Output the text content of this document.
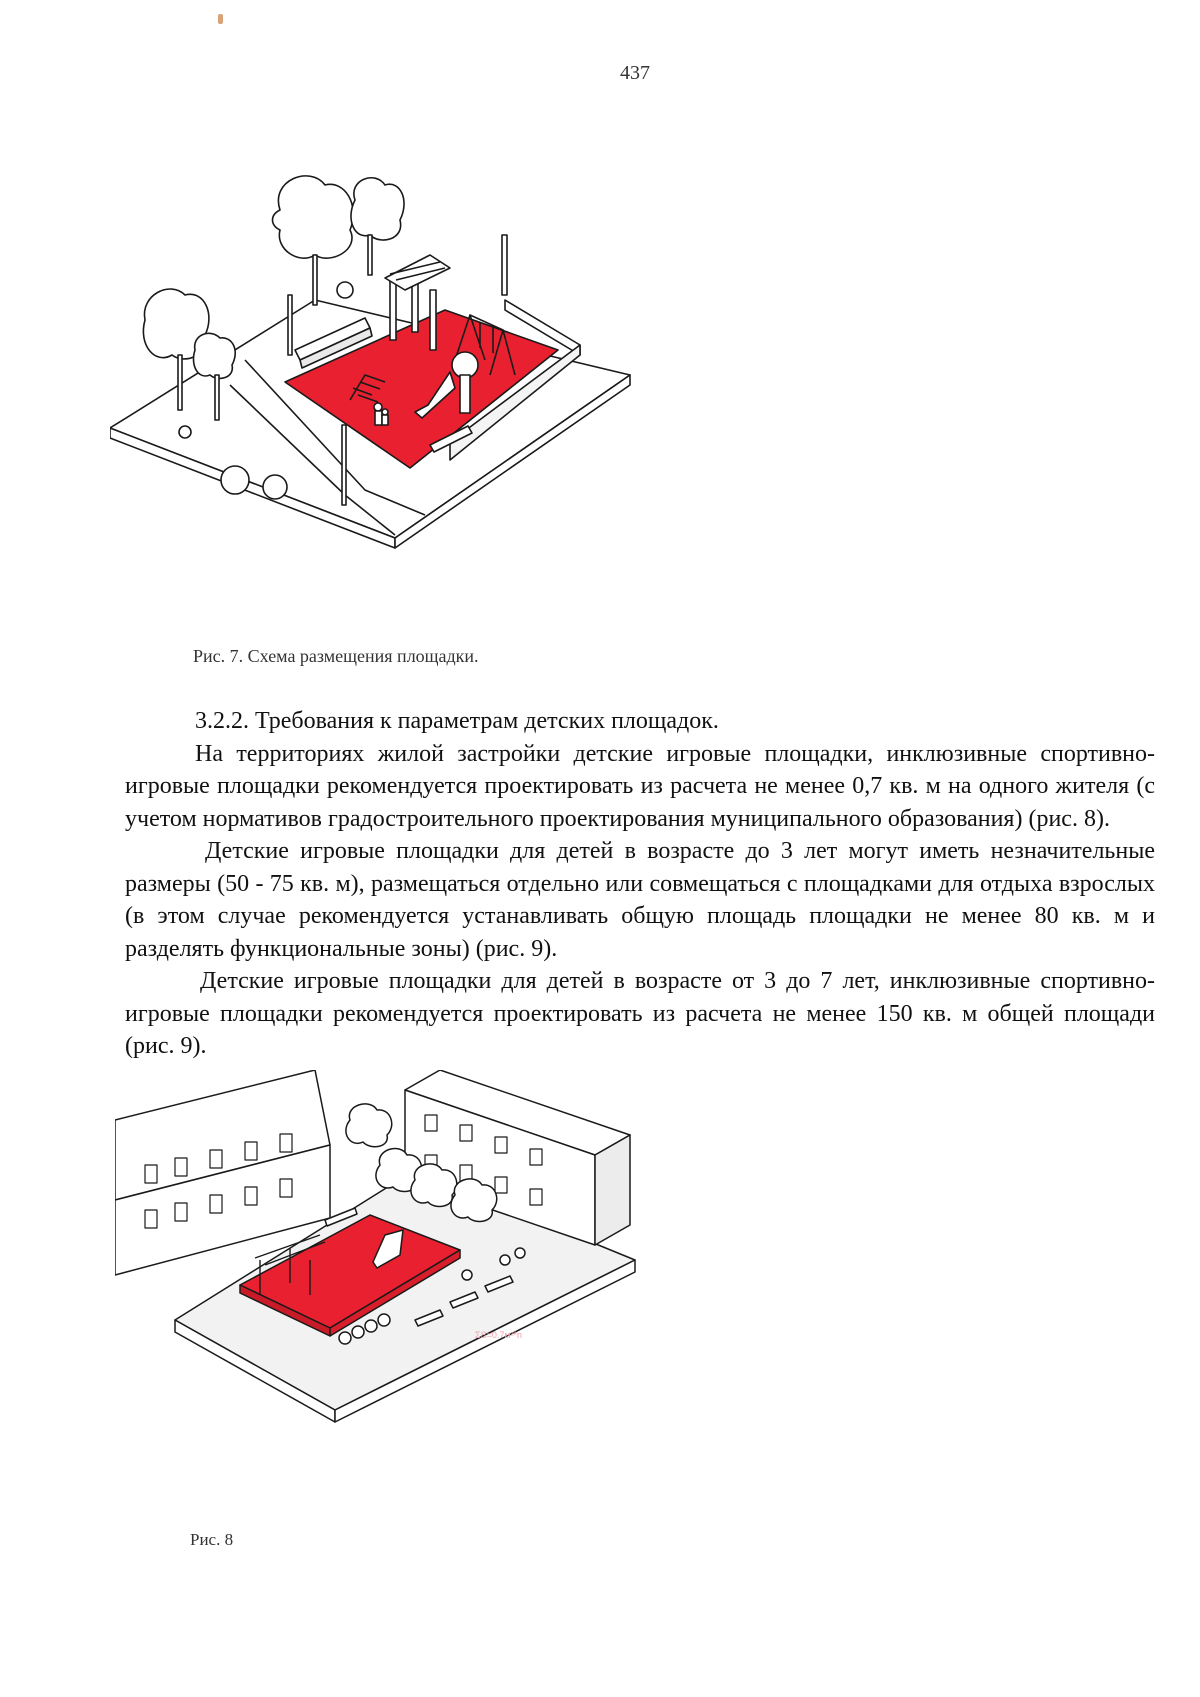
437
Рис. 7. Схема размещения площадки.

3.2.2. Требования к параметрам детских площадок.

На территориях жилой застройки детские игровые площадки, инклюзивные спортивно-игровые площадки рекомендуется проектировать из расчета не менее 0,7 кв. м на одного жителя (с учетом нормативов градостроительного проектирования муниципального образования) (рис. 8).

Детские игровые площадки для детей в возрасте до 3 лет могут иметь незначительные размеры (50 - 75 кв. м), размещаться отдельно или совмещаться с площадками для отдыха взрослых (в этом случае рекомендуется устанавливать общую площадь площадки не менее 80 кв. м и разделять функциональные зоны) (рис. 9).

Детские игровые площадки для детей в возрасте от 3 до 7 лет, инклюзивные спортивно-игровые площадки рекомендуется проектировать из расчета не менее 150 кв. м общей площади (рис. 9).

ΣS=0.7м²*n
Рис. 8
